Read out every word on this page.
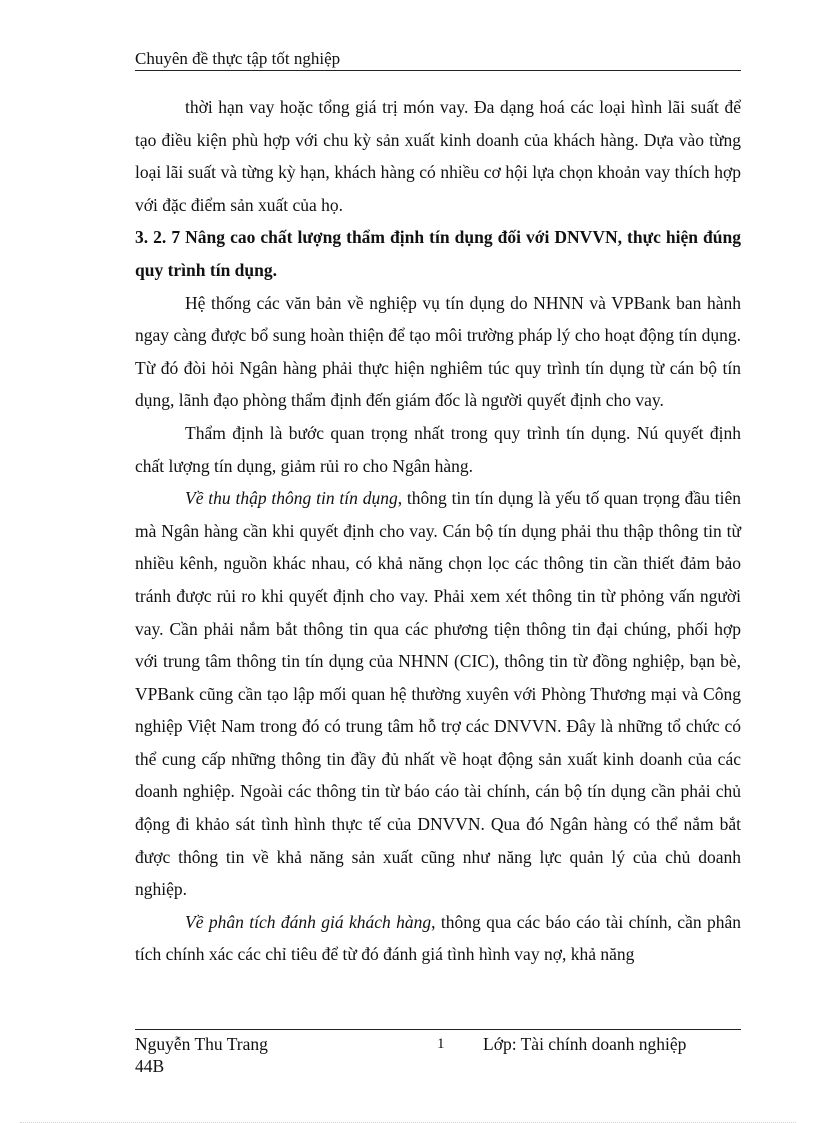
Chuyên đề thực tập tốt nghiệp

thời hạn vay hoặc tổng giá trị món vay. Đa dạng hoá các loại hình lãi suất để tạo điều kiện phù hợp với chu kỳ sản xuất kinh doanh của khách hàng. Dựa vào từng loại lãi suất và từng kỳ hạn, khách hàng có nhiều cơ hội lựa chọn khoản vay thích hợp với đặc điểm sản xuất của họ.

3. 2. 7 Nâng cao chất lượng thẩm định tín dụng đối với DNVVN, thực hiện đúng quy trình tín dụng.

Hệ thống các văn bản về nghiệp vụ tín dụng do NHNN và VPBank ban hành ngay càng được bổ sung hoàn thiện để tạo môi trường pháp lý cho hoạt động tín dụng. Từ đó đòi hỏi Ngân hàng phải thực hiện nghiêm túc quy trình tín dụng từ cán bộ tín dụng, lãnh đạo phòng thẩm định đến giám đốc là người quyết định cho vay.

Thẩm định là bước quan trọng nhất trong quy trình tín dụng. Nú quyết định chất lượng tín dụng, giảm rủi ro cho Ngân hàng.

Về thu thập thông tin tín dụng, thông tin tín dụng là yếu tố quan trọng đầu tiên mà Ngân hàng cần khi quyết định cho vay. Cán bộ tín dụng phải thu thập thông tin từ nhiều kênh, nguồn khác nhau, có khả năng chọn lọc các thông tin cần thiết đảm bảo tránh được rủi ro khi quyết định cho vay. Phải xem xét thông tin từ phỏng vấn người vay. Cần phải nắm bắt thông tin qua các phương tiện thông tin đại chúng, phối hợp với trung tâm thông tin tín dụng của NHNN (CIC), thông tin từ đồng nghiệp, bạn bè, VPBank cũng cần tạo lập mối quan hệ thường xuyên với Phòng Thương mại và Công nghiệp Việt Nam trong đó có trung tâm hỗ trợ các DNVVN. Đây là những tổ chức có thể cung cấp những thông tin đầy đủ nhất về hoạt động sản xuất kinh doanh của các doanh nghiệp. Ngoài các thông tin từ báo cáo tài chính, cán bộ tín dụng cần phải chủ động đi khảo sát tình hình thực tế của DNVVN. Qua đó Ngân hàng có thể nắm bắt được thông tin về khả năng sản xuất cũng như năng lực quản lý của chủ doanh nghiệp.

Về phân tích đánh giá khách hàng, thông qua các báo cáo tài chính, cần phân tích chính xác các chỉ tiêu để từ đó đánh giá tình hình vay nợ, khả năng

Nguyễn Thu Trang 44B
1 Lớp: Tài chính doanh nghiệp
